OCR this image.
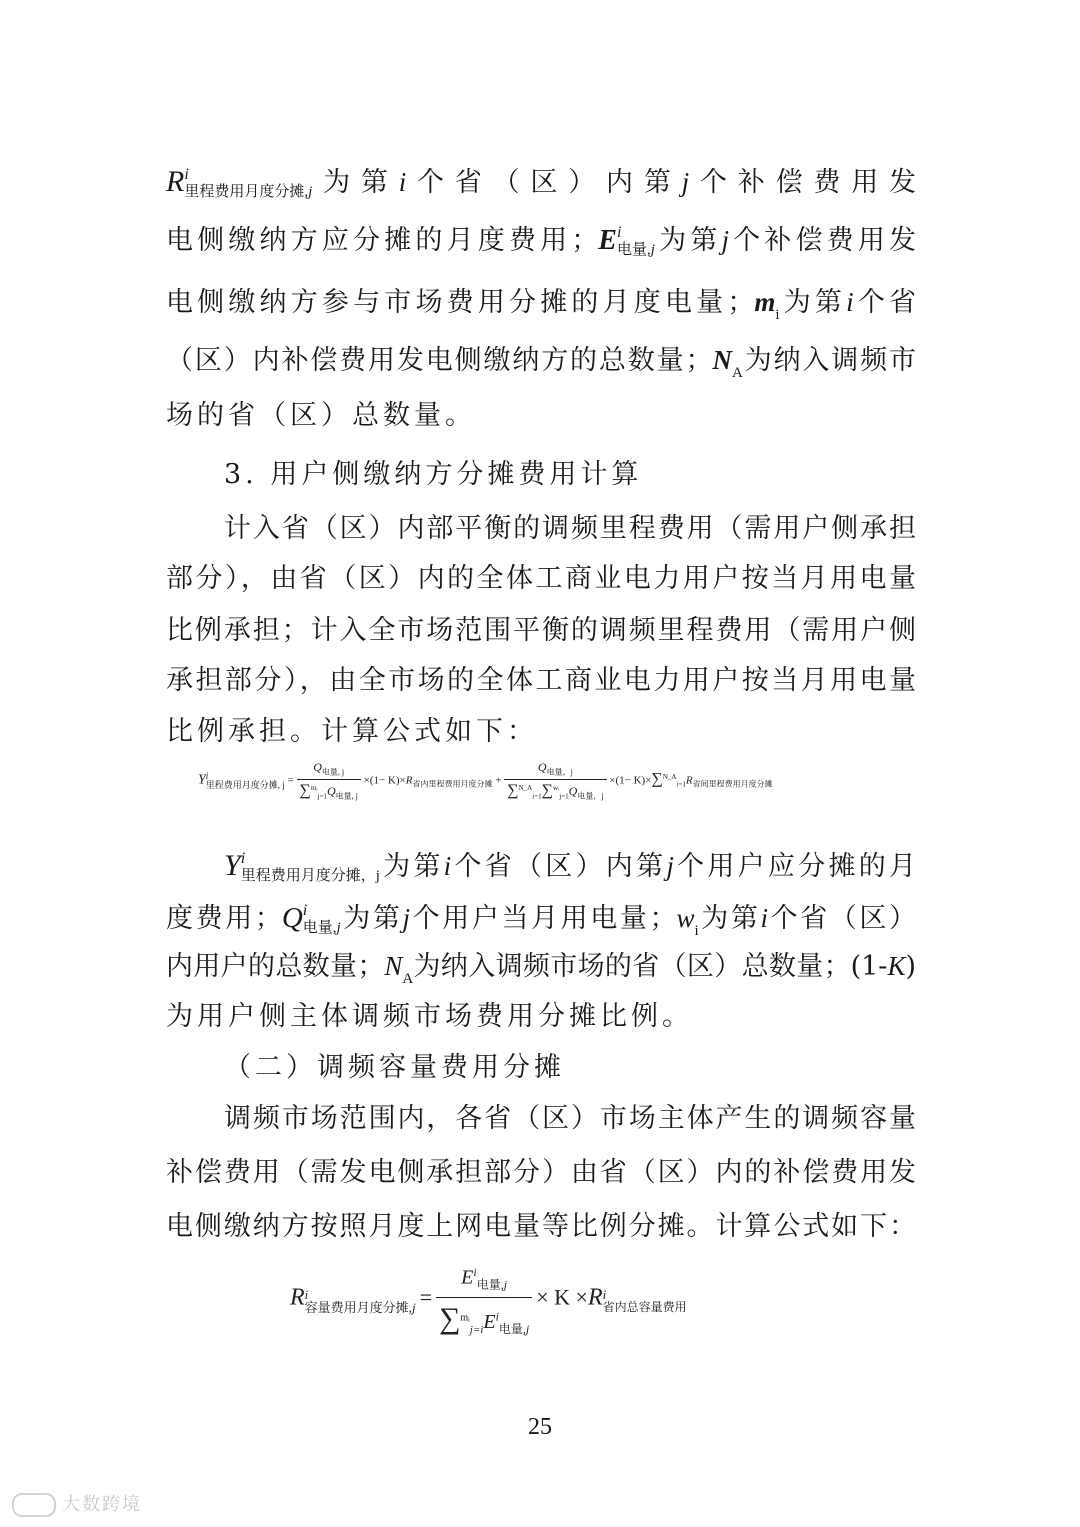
R i
里程费用月度分摊,j 为第i个省（区）内第j个补偿费用发
电侧缴纳方应分摊的月度费用；E i
电量,j 为第j个补偿费用发
电侧缴纳方参与市场费用分摊的月度电量；$m_i$为第i个省
（区）内补偿费用发电侧缴纳方的总数量；$N_A$为纳入调频市
场的省（区）总数量。
3. 用户侧缴纳方分摊费用计算
计入省（区）内部平衡的调频里程费用（需用户侧承担
部分），由省（区）内的全体工商业电力用户按当月用电量
比例承担；计入全市场范围平衡的调频里程费用（需用户侧
承担部分），由全市场的全体工商业电力用户按当月用电量
比例承担。计算公式如下：
Y i
里程费用月度分摊, $j = \frac{Q_{电量, j}}{\sum^{mᵢ}_{j=1}Q_{电量, j}} \times(1- K)\times R_{省内里程费用月度分摊} + \frac{Q_{电量,j}}{\sum^{N\_A}_{i=1}\sum^{wᵢ}_{j=1}Q_{电量,j}} \times(1- K)\times\sum^{N\_A}_{i=1}R_{省间里程费用月度分摊}$
Y i
里程费用月度分摊，j 为第i个省（区）内第j个用户应分摊的月
度费用；Q i
电量,j 为第j个用户当月用电量；$w_i$为第i个省（区）
内用户的总数量；$N_A$为纳入调频市场的省（区）总数量；(1-K)
为用户侧主体调频市场费用分摊比例。
（二）调频容量费用分摊
调频市场范围内，各省（区）市场主体产生的调频容量
补偿费用（需发电侧承担部分）由省（区）内的补偿费用发
电侧缴纳方按照月度上网电量等比例分摊。计算公式如下：
R i
容量费用月度分摊$,j = \frac{E^i_{电量,j}}{\sum^{mᵢ}_{j=i}E^i_{电量,j}} \times K \times R$ i
省内总容量费用
25
大数跨境
